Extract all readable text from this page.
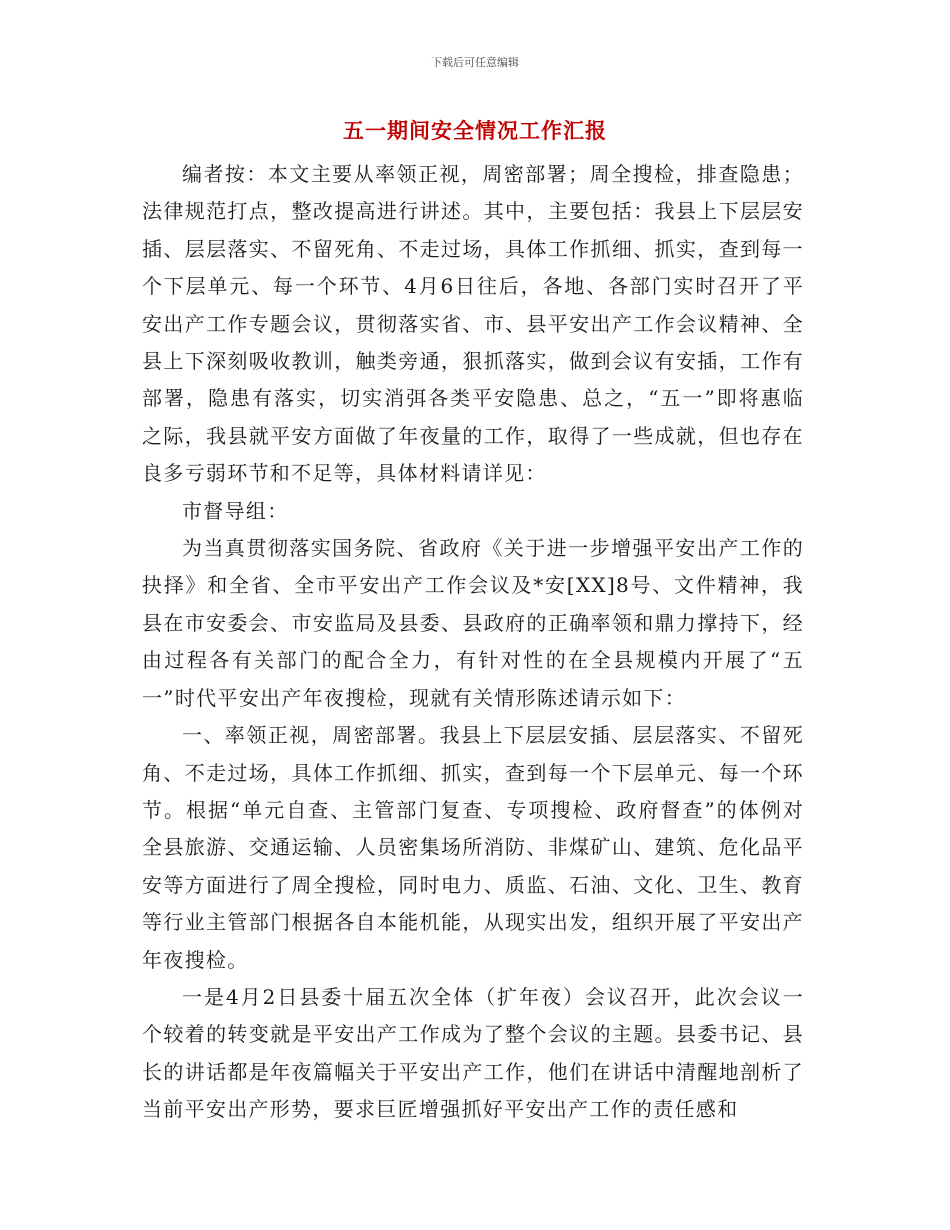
下载后可任意编辑
五一期间安全情况工作汇报

编者按：本文主要从率领正视，周密部署；周全搜检，排查隐患；法律规范打点，整改提高进行讲述。其中，主要包括：我县上下层层安插、层层落实、不留死角、不走过场，具体工作抓细、抓实，查到每一个下层单元、每一个环节、4月6日往后，各地、各部门实时召开了平安出产工作专题会议，贯彻落实省、市、县平安出产工作会议精神、全县上下深刻吸收教训，触类旁通，狠抓落实，做到会议有安插，工作有部署，隐患有落实，切实消弭各类平安隐患、总之，“五一”即将惠临之际，我县就平安方面做了年夜量的工作，取得了一些成就，但也存在良多亏弱环节和不足等，具体材料请详见：

市督导组：

为当真贯彻落实国务院、省政府《关于进一步增强平安出产工作的抉择》和全省、全市平安出产工作会议及*安[XX]8号、文件精神，我县在市安委会、市安监局及县委、县政府的正确率领和鼎力撑持下，经由过程各有关部门的配合全力，有针对性的在全县规模内开展了“五一”时代平安出产年夜搜检，现就有关情形陈述请示如下：

一、率领正视，周密部署。我县上下层层安插、层层落实、不留死角、不走过场，具体工作抓细、抓实，查到每一个下层单元、每一个环节。根据“单元自查、主管部门复查、专项搜检、政府督查”的体例对全县旅游、交通运输、人员密集场所消防、非煤矿山、建筑、危化品平安等方面进行了周全搜检，同时电力、质监、石油、文化、卫生、教育等行业主管部门根据各自本能机能，从现实出发，组织开展了平安出产年夜搜检。

一是4月2日县委十届五次全体（扩年夜）会议召开，此次会议一个较着的转变就是平安出产工作成为了整个会议的主题。县委书记、县长的讲话都是年夜篇幅关于平安出产工作，他们在讲话中清醒地剖析了当前平安出产形势，要求巨匠增强抓好平安出产工作的责任感和
